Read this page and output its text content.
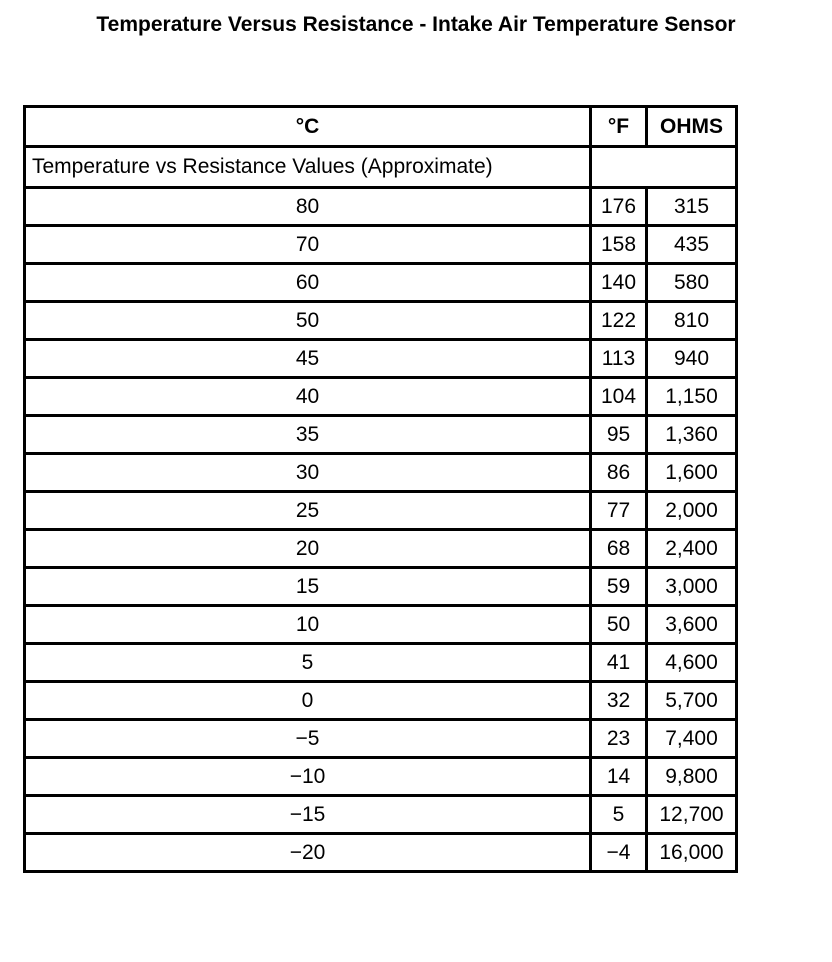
Temperature Versus Resistance - Intake Air Temperature Sensor
°C	°F	OHMS
Temperature vs Resistance Values (Approximate)		
80	176	315
70	158	435
60	140	580
50	122	810
45	113	940
40	104	1,150
35	95	1,360
30	86	1,600
25	77	2,000
20	68	2,400
15	59	3,000
10	50	3,600
5	41	4,600
0	32	5,700
−5	23	7,400
−10	14	9,800
−15	5	12,700
−20	−4	16,000
